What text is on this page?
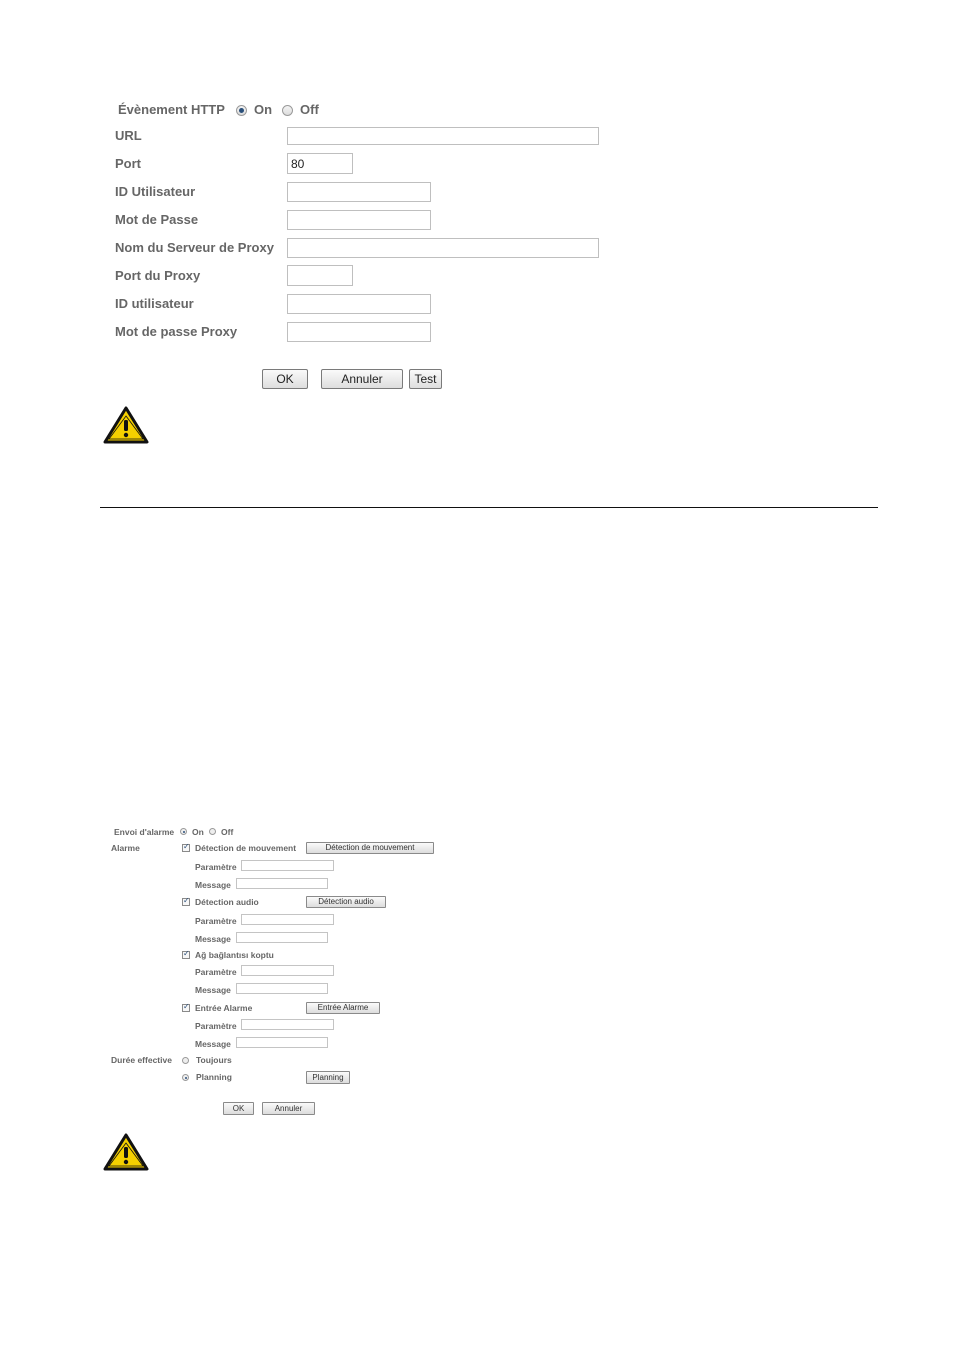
Évènement HTTP On Off
URL
Port
80
ID Utilisateur
Mot de Passe
Nom du Serveur de Proxy
Port du Proxy
ID utilisateur
Mot de passe Proxy
OK	Annuler	Test
Envoi d'alarme On Off
Alarme
✓	Détection de mouvement	Détection de mouvement
Paramètre
Message
✓
Détection audio	Détection audio
Paramètre
Message
✓
Ağ bağlantısı koptu
Paramètre
Message
✓
Entrée Alarme	Entrée Alarme
Paramètre
Message
Durée effective	Toujours
Planning	Planning
OK	Annuler
